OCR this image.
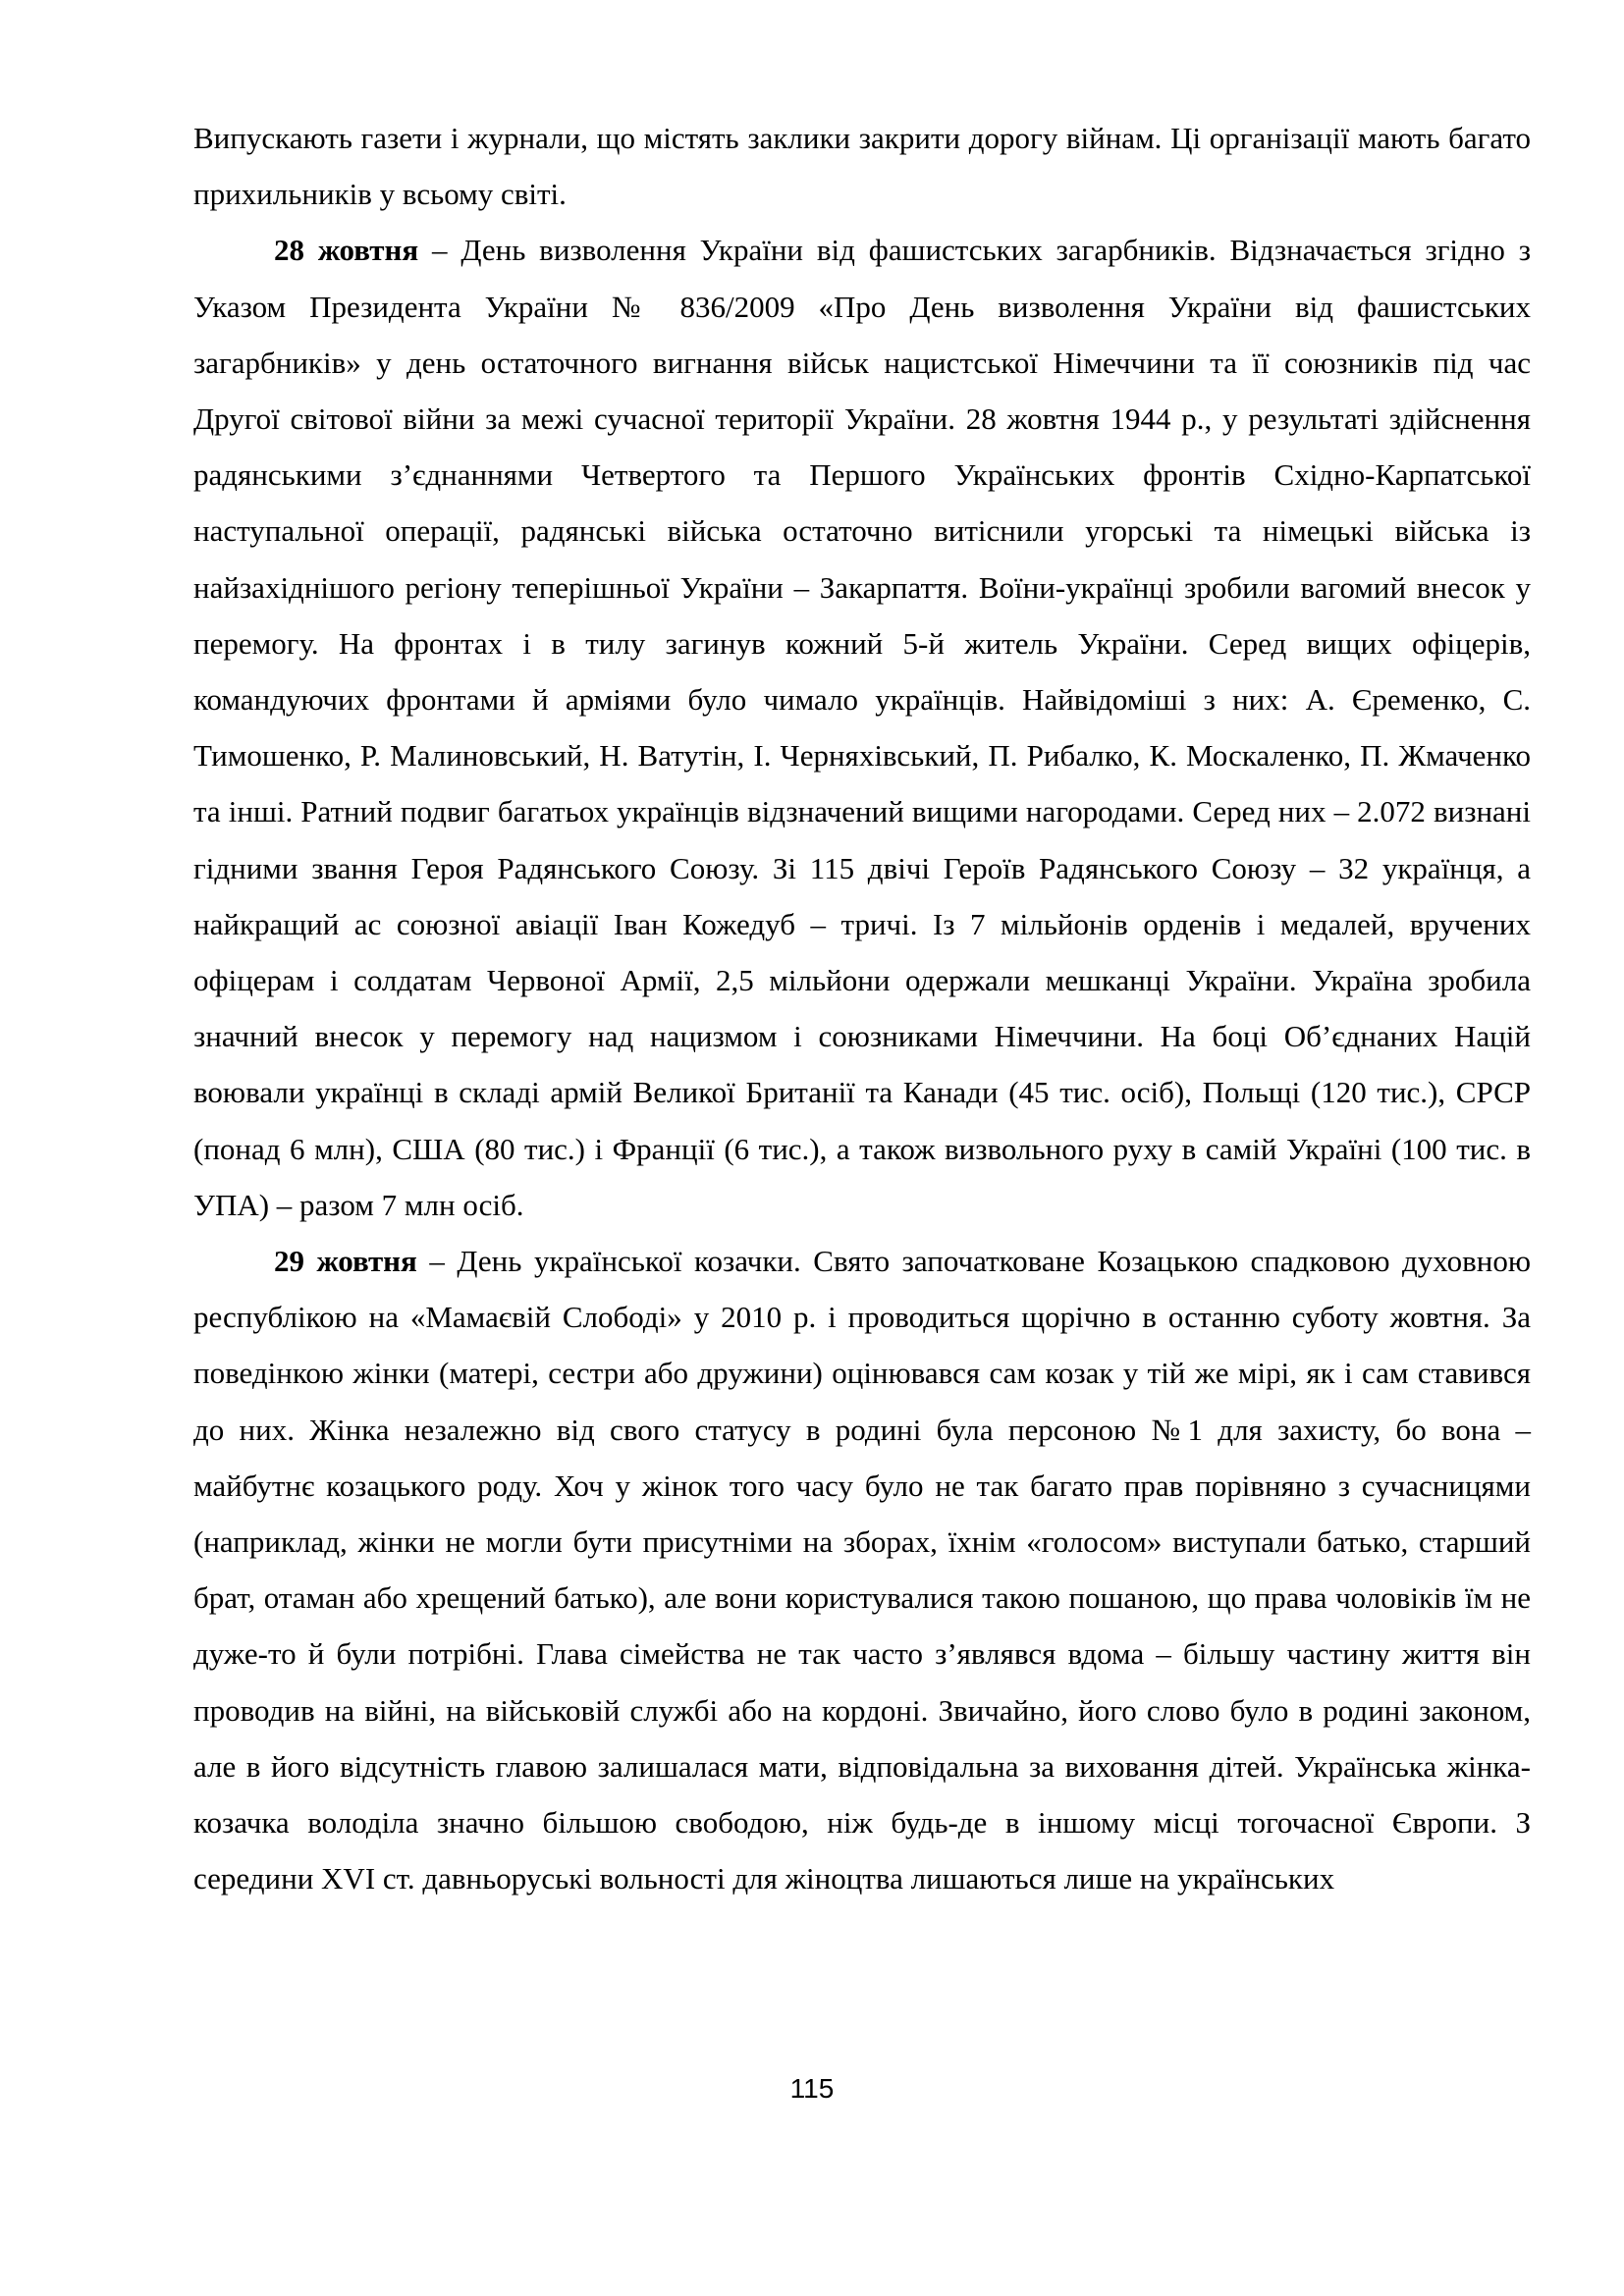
Випускають газети і журнали, що містять заклики закрити дорогу війнам. Ці організації мають багато прихильників у всьому світі.

28 жовтня – День визволення України від фашистських загарбників. Відзначається згідно з Указом Президента України № 836/2009 «Про День визволення України від фашистських загарбників» у день остаточного вигнання військ нацистської Німеччини та її союзників під час Другої світової війни за межі сучасної території України. 28 жовтня 1944 р., у результаті здійснення радянськими з’єднаннями Четвертого та Першого Українських фронтів Східно-Карпатської наступальної операції, радянські війська остаточно витіснили угорські та німецькі війська із найзахіднішого регіону теперішньої України – Закарпаття. Воїни-українці зробили вагомий внесок у перемогу. На фронтах і в тилу загинув кожний 5-й житель України. Серед вищих офіцерів, командуючих фронтами й арміями було чимало українців. Найвідоміші з них: А. Єременко, С. Тимошенко, Р. Малиновський, Н. Ватутін, І. Черняхівський, П. Рибалко, К. Москаленко, П. Жмаченко та інші. Ратний подвиг багатьох українців відзначений вищими нагородами. Серед них – 2.072 визнані гідними звання Героя Радянського Союзу. Зі 115 двічі Героїв Радянського Союзу – 32 українця, а найкращий ас союзної авіації Іван Кожедуб – тричі. Із 7 мільйонів орденів і медалей, вручених офіцерам і солдатам Червоної Армії, 2,5 мільйони одержали мешканці України. Україна зробила значний внесок у перемогу над нацизмом і союзниками Німеччини. На боці Об’єднаних Націй воювали українці в складі армій Великої Британії та Канади (45 тис. осіб), Польщі (120 тис.), СРСР (понад 6 млн), США (80 тис.) і Франції (6 тис.), а також визвольного руху в самій Україні (100 тис. в УПА) – разом 7 млн осіб.

29 жовтня – День української козачки. Свято започатковане Козацькою спадковою духовною республікою на «Мамаєвій Слободі» у 2010 р. і проводиться щорічно в останню суботу жовтня. За поведінкою жінки (матері, сестри або дружини) оцінювався сам козак у тій же мірі, як і сам ставився до них. Жінка незалежно від свого статусу в родині була персоною №1 для захисту, бо вона – майбутнє козацького роду. Хоч у жінок того часу було не так багато прав порівняно з сучасницями (наприклад, жінки не могли бути присутніми на зборах, їхнім «голосом» виступали батько, старший брат, отаман або хрещений батько), але вони користувалися такою пошаною, що права чоловіків їм не дуже-то й були потрібні. Глава сімейства не так часто з’являвся вдома – більшу частину життя він проводив на війні, на військовій службі або на кордоні. Звичайно, його слово було в родині законом, але в його відсутність главою залишалася мати, відповідальна за виховання дітей. Українська жінка-козачка володіла значно більшою свободою, ніж будь-де в іншому місці тогочасної Європи. З середини XVI ст. давньоруські вольності для жіноцтва лишаються лише на українських

115
